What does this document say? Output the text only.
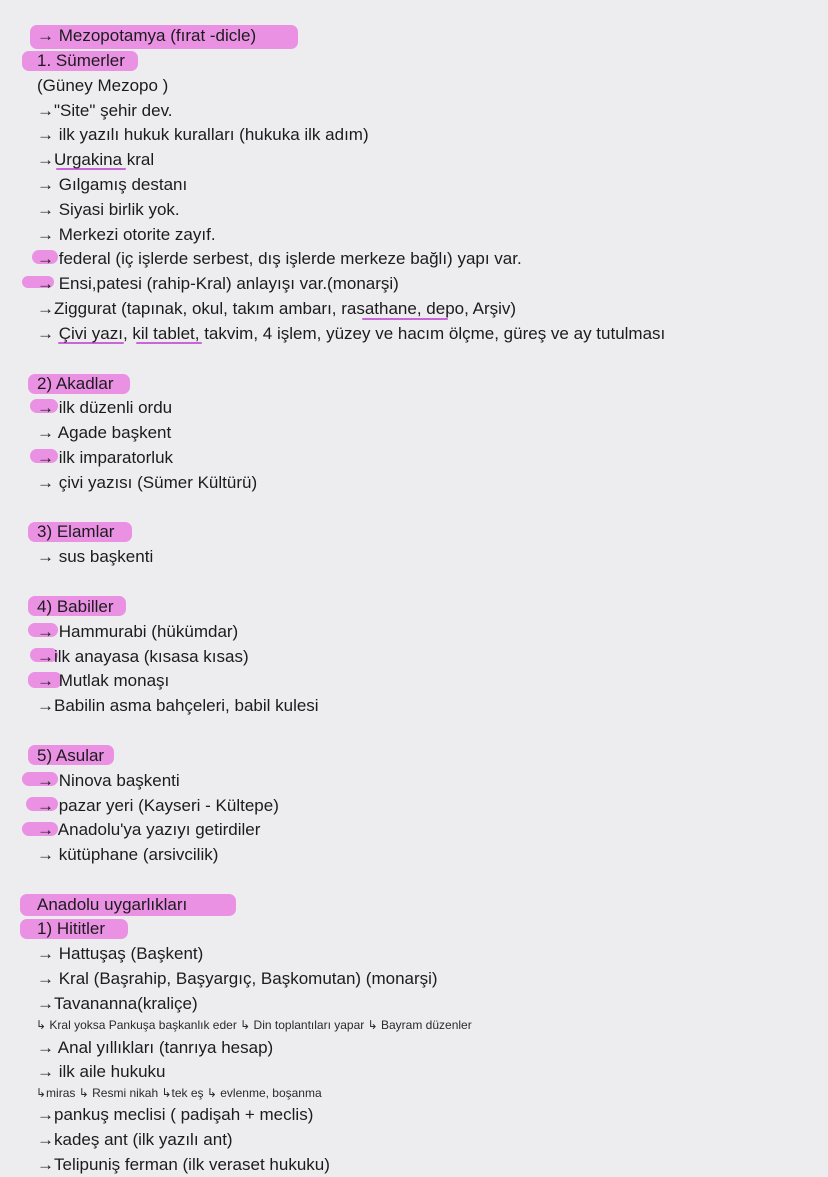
→ Mezopotamya (fırat -dicle)
1. Sümerler
(Güney Mezopo )
→"Site" şehir dev.
→ ilk yazılı hukuk kuralları (hukuka ilk adım)
→Urgakina kral
→ Gılgamış destanı
→ Siyasi birlik yok.
→ Merkezi otorite zayıf.
→ federal (iç işlerde serbest, dış işlerde merkeze bağlı) yapı var.
→ Ensi,patesi (rahip-Kral) anlayışı var.(monarşi)
→Ziggurat (tapınak, okul, takım ambarı, rasathane, depo, Arşiv)
→ Çivi yazı, kil tablet, takvim, 4 işlem, yüzey ve hacım ölçme, güreş ve ay tutulması
2) Akadlar
→ ilk düzenli ordu
→ Agade başkent
→ ilk imparatorluk
→ çivi yazısı (Sümer Kültürü)
3) Elamlar
→ sus başkenti
4) Babiller
→ Hammurabi (hükümdar)
→ilk anayasa (kısasa kısas)
→ Mutlak monaşı
→Babilin asma bahçeleri, babil kulesi
5) Asular
→ Ninova başkenti
→ pazar yeri (Kayseri - Kültepe)
→ Anadolu'ya yazıyı getirdiler
→ kütüphane (arsivcilik)
Anadolu uygarlıkları
1) Hititler
→ Hattuşaş (Başkent)
→ Kral (Başrahip, Başyargıç, Başkomutan) (monarşi)
→Tavananna(kraliçe)
↳ Kral yoksa Pankuşa başkanlık eder ↳ Din toplantıları yapar ↳ Bayram düzenler
→ Anal yıllıkları (tanrıya hesap)
→ ilk aile hukuku
↳miras ↳ Resmi nikah ↳tek eş ↳ evlenme, boşanma
→pankuş meclisi ( padişah + meclis)
→kadeş ant (ilk yazılı ant)
→Telipuniş ferman (ilk veraset hukuku)
